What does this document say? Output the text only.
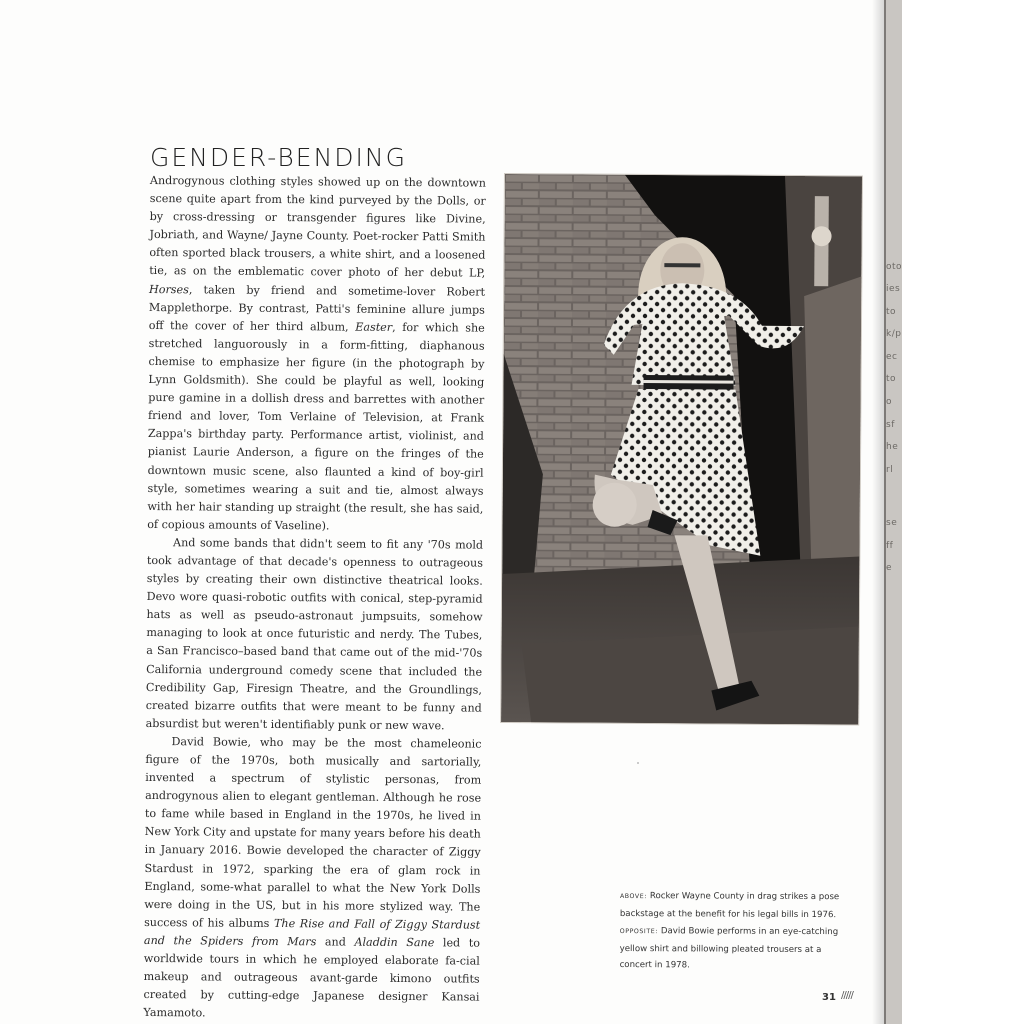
GENDER-BENDING

Androgynous clothing styles showed up on the downtown scene quite apart from the kind purveyed by the Dolls, or by cross-dressing or transgender figures like Divine, Jobriath, and Wayne/ Jayne County. Poet-rocker Patti Smith often sported black trousers, a white shirt, and a loosened tie, as on the emblematic cover photo of her debut LP, Horses, taken by friend and sometime-lover Robert Mapplethorpe. By contrast, Patti's feminine allure jumps off the cover of her third album, Easter, for which she stretched languorously in a form-fitting, diaphanous chemise to emphasize her figure (in the photograph by Lynn Goldsmith). She could be playful as well, looking pure gamine in a dollish dress and barrettes with another friend and lover, Tom Verlaine of Television, at Frank Zappa's birthday party. Performance artist, violinist, and pianist Laurie Anderson, a figure on the fringes of the downtown music scene, also flaunted a kind of boy-girl style, sometimes wearing a suit and tie, almost always with her hair standing up straight (the result, she has said, of copious amounts of Vaseline).

And some bands that didn't seem to fit any '70s mold took advantage of that decade's openness to outrageous styles by creating their own distinctive theatrical looks. Devo wore quasi-robotic outfits with conical, step-pyramid hats as well as pseudo-astronaut jumpsuits, somehow managing to look at once futuristic and nerdy. The Tubes, a San Francisco–based band that came out of the mid-'70s California underground comedy scene that included the Credibility Gap, Firesign Theatre, and the Groundlings, created bizarre outfits that were meant to be funny and absurdist but weren't identifiably punk or new wave.

David Bowie, who may be the most chameleonic figure of the 1970s, both musically and sartorially, invented a spectrum of stylistic personas, from androgynous alien to elegant gentleman. Although he rose to fame while based in England in the 1970s, he lived in New York City and upstate for many years before his death in January 2016. Bowie developed the character of Ziggy Stardust in 1972, sparking the era of glam rock in England, some-what parallel to what the New York Dolls were doing in the US, but in his more stylized way. The success of his albums The Rise and Fall of Ziggy Stardust and the Spiders from Mars and Aladdin Sane led to worldwide tours in which he employed elaborate fa-cial makeup and outrageous avant-garde kimono outfits created by cutting-edge Japanese designer Kansai Yamamoto.

ABOVE: Rocker Wayne County in drag strikes a pose backstage at the benefit for his legal bills in 1976.

OPPOSITE: David Bowie performs in an eye-catching yellow shirt and billowing pleated trousers at a concert in 1978.

31 /////
oto
ies
to
k/p
ec
to
o
sf
he
rl
se
ff
e
